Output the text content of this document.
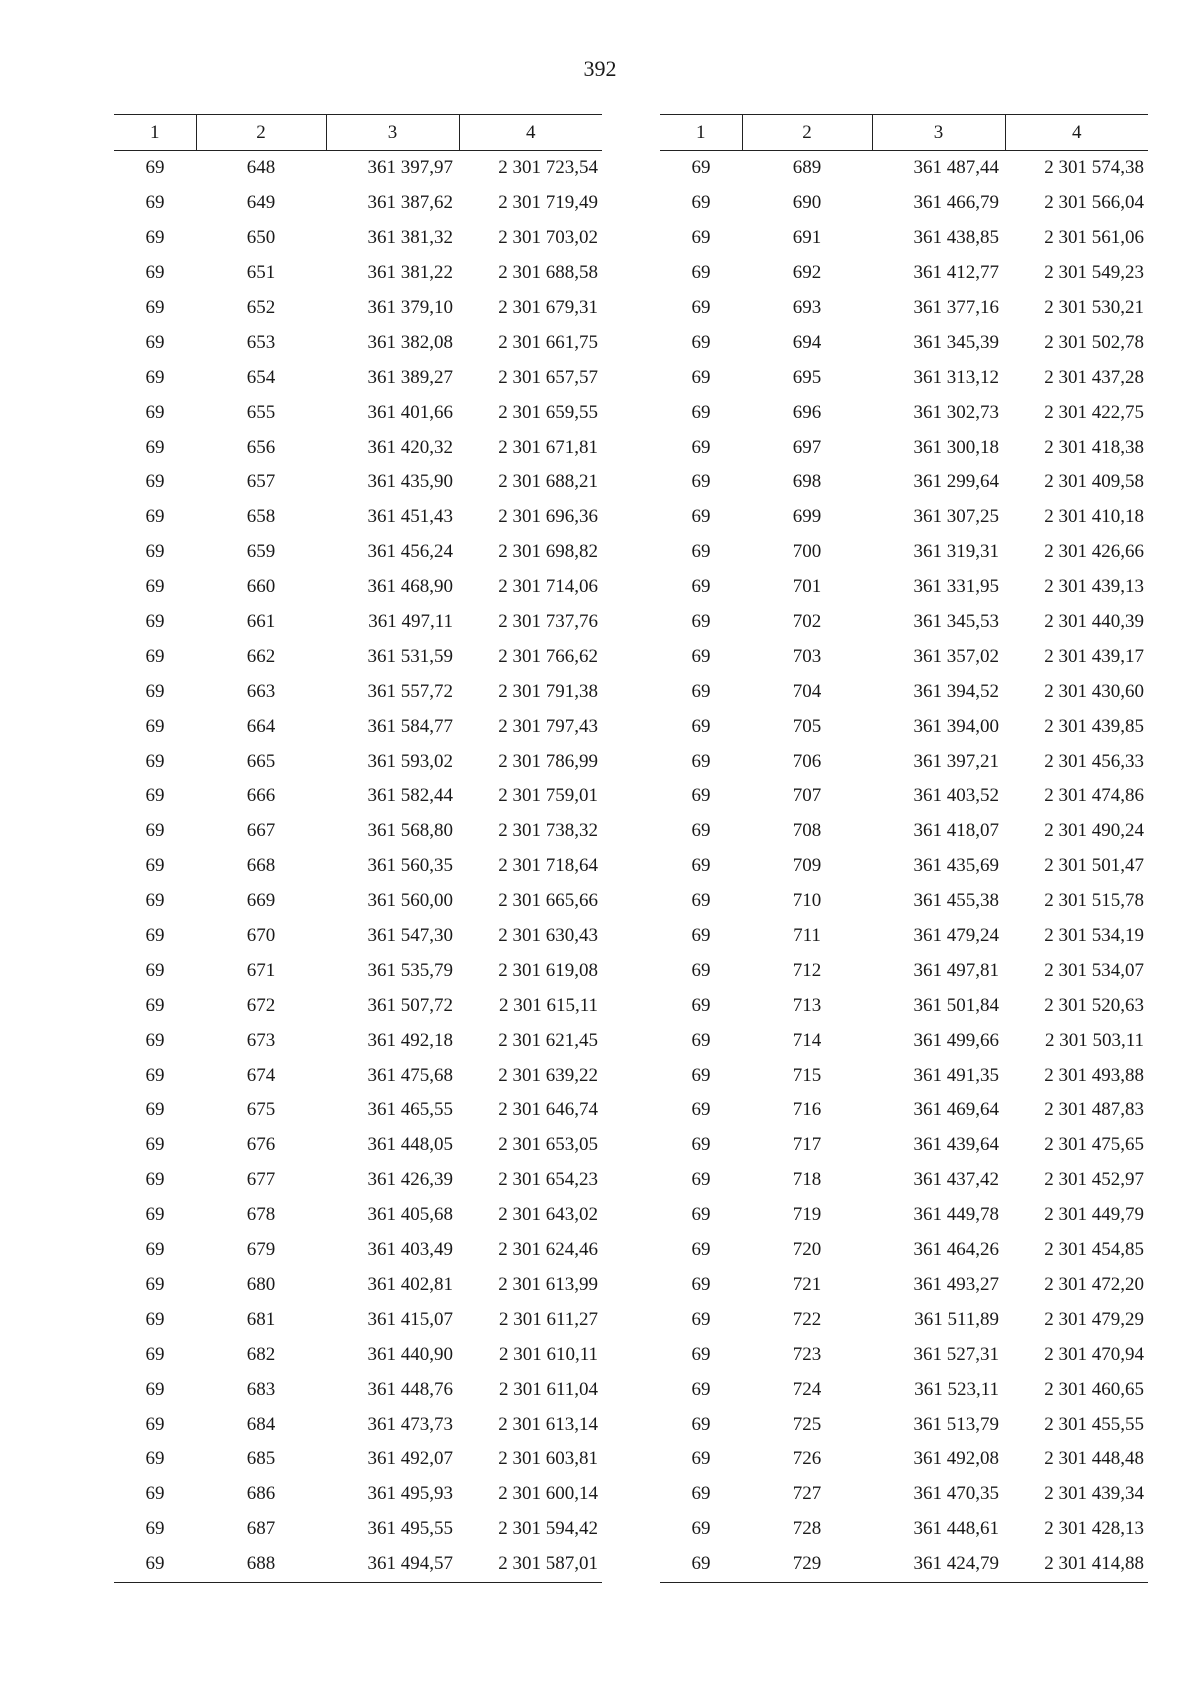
392
1	2	3	4
69	648	361 397,97	2 301 723,54
69	649	361 387,62	2 301 719,49
69	650	361 381,32	2 301 703,02
69	651	361 381,22	2 301 688,58
69	652	361 379,10	2 301 679,31
69	653	361 382,08	2 301 661,75
69	654	361 389,27	2 301 657,57
69	655	361 401,66	2 301 659,55
69	656	361 420,32	2 301 671,81
69	657	361 435,90	2 301 688,21
69	658	361 451,43	2 301 696,36
69	659	361 456,24	2 301 698,82
69	660	361 468,90	2 301 714,06
69	661	361 497,11	2 301 737,76
69	662	361 531,59	2 301 766,62
69	663	361 557,72	2 301 791,38
69	664	361 584,77	2 301 797,43
69	665	361 593,02	2 301 786,99
69	666	361 582,44	2 301 759,01
69	667	361 568,80	2 301 738,32
69	668	361 560,35	2 301 718,64
69	669	361 560,00	2 301 665,66
69	670	361 547,30	2 301 630,43
69	671	361 535,79	2 301 619,08
69	672	361 507,72	2 301 615,11
69	673	361 492,18	2 301 621,45
69	674	361 475,68	2 301 639,22
69	675	361 465,55	2 301 646,74
69	676	361 448,05	2 301 653,05
69	677	361 426,39	2 301 654,23
69	678	361 405,68	2 301 643,02
69	679	361 403,49	2 301 624,46
69	680	361 402,81	2 301 613,99
69	681	361 415,07	2 301 611,27
69	682	361 440,90	2 301 610,11
69	683	361 448,76	2 301 611,04
69	684	361 473,73	2 301 613,14
69	685	361 492,07	2 301 603,81
69	686	361 495,93	2 301 600,14
69	687	361 495,55	2 301 594,42
69	688	361 494,57	2 301 587,01
1	2	3	4
69	689	361 487,44	2 301 574,38
69	690	361 466,79	2 301 566,04
69	691	361 438,85	2 301 561,06
69	692	361 412,77	2 301 549,23
69	693	361 377,16	2 301 530,21
69	694	361 345,39	2 301 502,78
69	695	361 313,12	2 301 437,28
69	696	361 302,73	2 301 422,75
69	697	361 300,18	2 301 418,38
69	698	361 299,64	2 301 409,58
69	699	361 307,25	2 301 410,18
69	700	361 319,31	2 301 426,66
69	701	361 331,95	2 301 439,13
69	702	361 345,53	2 301 440,39
69	703	361 357,02	2 301 439,17
69	704	361 394,52	2 301 430,60
69	705	361 394,00	2 301 439,85
69	706	361 397,21	2 301 456,33
69	707	361 403,52	2 301 474,86
69	708	361 418,07	2 301 490,24
69	709	361 435,69	2 301 501,47
69	710	361 455,38	2 301 515,78
69	711	361 479,24	2 301 534,19
69	712	361 497,81	2 301 534,07
69	713	361 501,84	2 301 520,63
69	714	361 499,66	2 301 503,11
69	715	361 491,35	2 301 493,88
69	716	361 469,64	2 301 487,83
69	717	361 439,64	2 301 475,65
69	718	361 437,42	2 301 452,97
69	719	361 449,78	2 301 449,79
69	720	361 464,26	2 301 454,85
69	721	361 493,27	2 301 472,20
69	722	361 511,89	2 301 479,29
69	723	361 527,31	2 301 470,94
69	724	361 523,11	2 301 460,65
69	725	361 513,79	2 301 455,55
69	726	361 492,08	2 301 448,48
69	727	361 470,35	2 301 439,34
69	728	361 448,61	2 301 428,13
69	729	361 424,79	2 301 414,88
